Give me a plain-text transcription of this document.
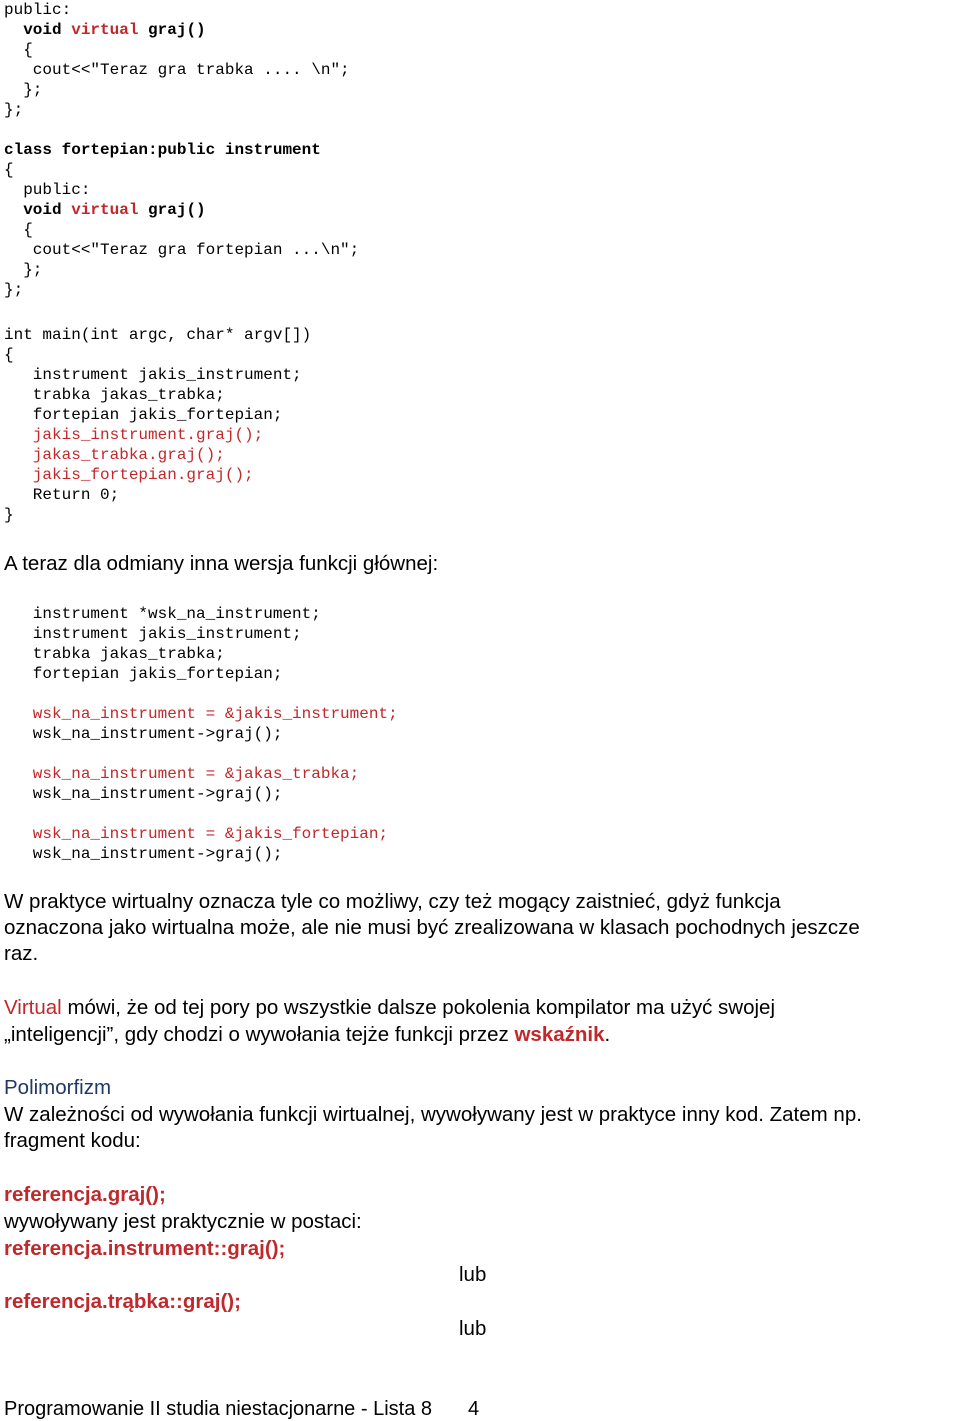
public:
void virtual graj()
{
cout<<"Teraz gra trabka .... \n";
};
};
class fortepian:public instrument
{
public:
void virtual graj()
{
cout<<"Teraz gra fortepian ...\n";
};
};
int main(int argc, char* argv[])
{
instrument jakis_instrument;
trabka jakas_trabka;
fortepian jakis_fortepian;
jakis_instrument.graj();
jakas_trabka.graj();
jakis_fortepian.graj();
Return 0;
}
A teraz dla odmiany inna wersja funkcji głównej:
instrument *wsk_na_instrument;
instrument jakis_instrument;
trabka jakas_trabka;
fortepian jakis_fortepian;
wsk_na_instrument = &jakis_instrument;
wsk_na_instrument->graj();
wsk_na_instrument = &jakas_trabka;
wsk_na_instrument->graj();
wsk_na_instrument = &jakis_fortepian;
wsk_na_instrument->graj();
W praktyce wirtualny oznacza tyle co możliwy, czy też mogący zaistnieć, gdyż funkcja
oznaczona jako wirtualna może, ale nie musi być zrealizowana w klasach pochodnych jeszcze
raz.
Virtual mówi, że od tej pory po wszystkie dalsze pokolenia kompilator ma użyć swojej
„inteligencji”, gdy chodzi o wywołania tejże funkcji przez wskaźnik.
Polimorfizm
W zależności od wywołania funkcji wirtualnej, wywoływany jest w praktyce inny kod. Zatem np.
fragment kodu:
referencja.graj();
wywoływany jest praktycznie w postaci:
referencja.instrument::graj();
lub
referencja.trąbka::graj();
lub
Programowanie II studia niestacjonarne - Lista 8 4
